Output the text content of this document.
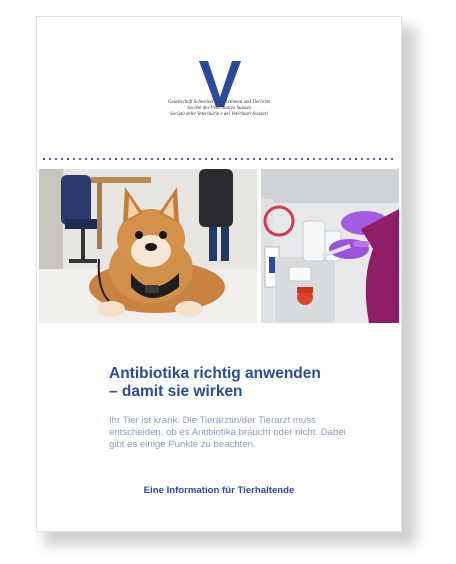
Gesellschaft Schweizer Tierärztinnen und Tierärzte
Société des Vétérinaires Suisses
Società delle Veterinarie e dei Veterinari Svizzeri
Antibiotika richtig anwenden
– damit sie wirken

Ihr Tier ist krank. Die Tierärztin/der Tierarzt muss entscheiden, ob es Antibiotika braucht oder nicht. Dabei gibt es einige Punkte zu beachten.

Eine Information für Tierhaltende
